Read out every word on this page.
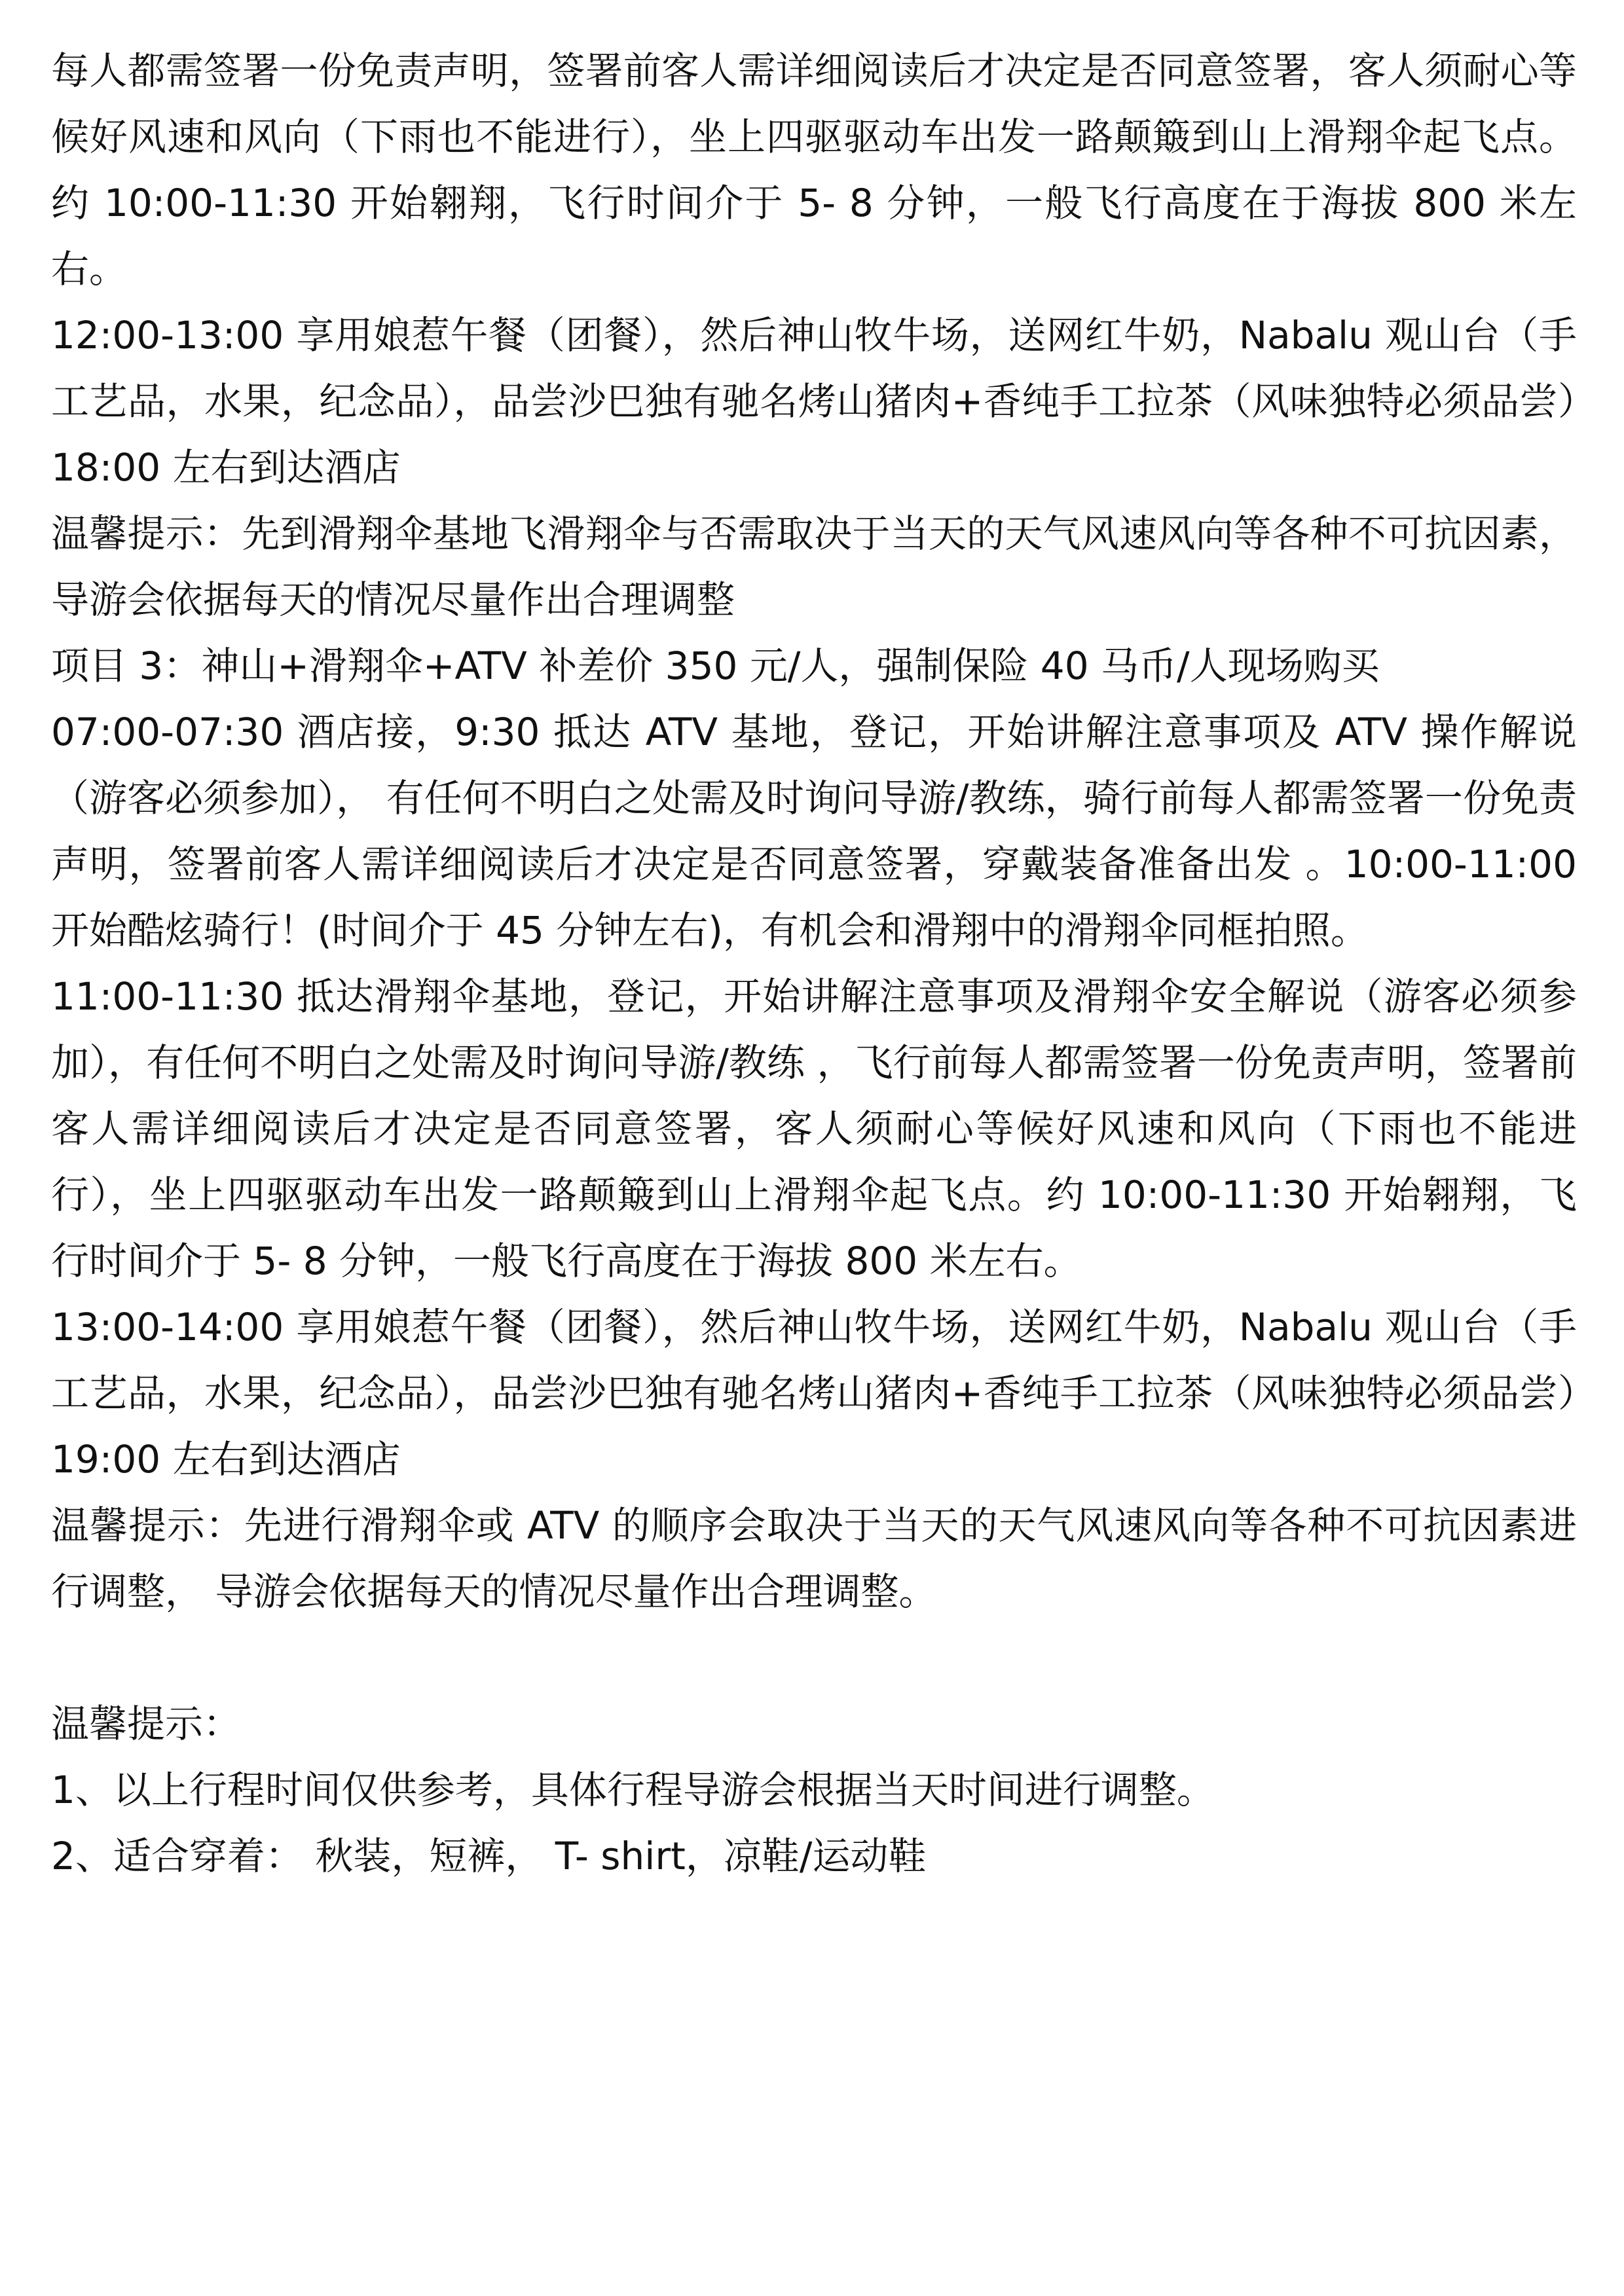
每人都需签署一份免责声明，签署前客人需详细阅读后才决定是否同意签署，客人须耐心等候好风速和风向（下雨也不能进行），坐上四驱驱动车出发一路颠簸到山上滑翔伞起飞点。约 10:00-11:30 开始翱翔，飞行时间介于 5- 8 分钟，一般飞行高度在于海拔 800 米左右。

12:00-13:00 享用娘惹午餐（团餐），然后神山牧牛场，送网红牛奶，Nabalu 观山台（手工艺品，水果，纪念品），品尝沙巴独有驰名烤山猪肉+香纯手工拉茶（风味独特必须品尝）18:00 左右到达酒店

温馨提示：先到滑翔伞基地飞滑翔伞与否需取决于当天的天气风速风向等各种不可抗因素， 导游会依据每天的情况尽量作出合理调整

项目 3：神山+滑翔伞+ATV 补差价 350 元/人，强制保险 40 马币/人现场购买

07:00-07:30 酒店接，9:30 抵达 ATV 基地，登记，开始讲解注意事项及 ATV 操作解说（游客必须参加）， 有任何不明白之处需及时询问导游/教练，骑行前每人都需签署一份免责声明，签署前客人需详细阅读后才决定是否同意签署，穿戴装备准备出发 。10:00-11:00 开始酷炫骑行！(时间介于 45 分钟左右)，有机会和滑翔中的滑翔伞同框拍照。

11:00-11:30 抵达滑翔伞基地，登记，开始讲解注意事项及滑翔伞安全解说（游客必须参加），有任何不明白之处需及时询问导游/教练 ，飞行前每人都需签署一份免责声明，签署前客人需详细阅读后才决定是否同意签署，客人须耐心等候好风速和风向（下雨也不能进行），坐上四驱驱动车出发一路颠簸到山上滑翔伞起飞点。约 10:00-11:30 开始翱翔，飞行时间介于 5- 8 分钟，一般飞行高度在于海拔 800 米左右。

13:00-14:00 享用娘惹午餐（团餐），然后神山牧牛场，送网红牛奶，Nabalu 观山台（手工艺品，水果，纪念品），品尝沙巴独有驰名烤山猪肉+香纯手工拉茶（风味独特必须品尝）19:00 左右到达酒店

温馨提示：先进行滑翔伞或 ATV 的顺序会取决于当天的天气风速风向等各种不可抗因素进行调整， 导游会依据每天的情况尽量作出合理调整。

温馨提示：

1、以上行程时间仅供参考，具体行程导游会根据当天时间进行调整。

2、适合穿着： 秋装，短裤， T- shirt，凉鞋/运动鞋
